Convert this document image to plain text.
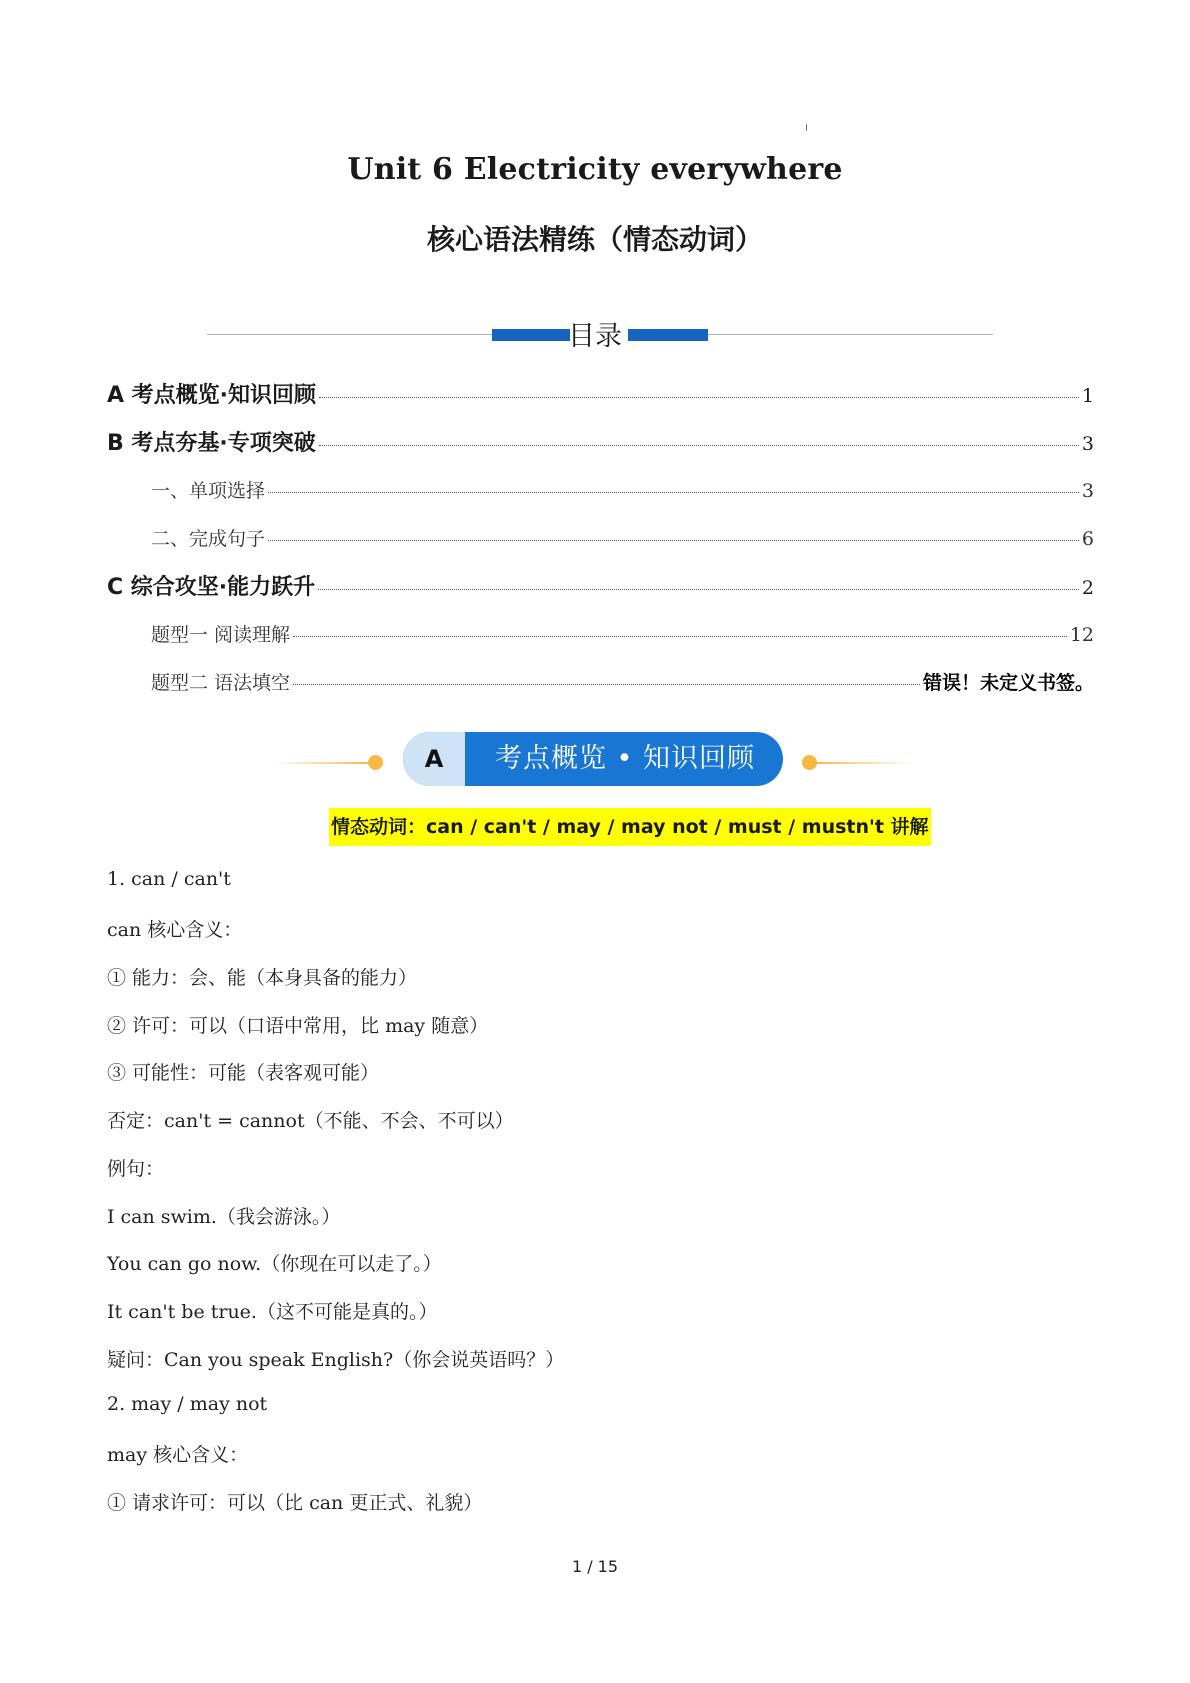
Unit 6 Electricity everywhere
核心语法精练（情态动词）
目录
A 考点概览·知识回顾	1
B 考点夯基·专项突破	3
一、单项选择	3
二、完成句子	6
C 综合攻坚·能力跃升	2
题型一 阅读理解	12
题型二 语法填空	错误！未定义书签。
A	考点概览 • 知识回顾
情态动词：can / can't / may / may not / must / mustn't 讲解
1. can / can't
can 核心含义：
① 能力：会、能（本身具备的能力）
② 许可：可以（口语中常用，比 may 随意）
③ 可能性：可能（表客观可能）
否定：can't = cannot（不能、不会、不可以）
例句：
I can swim.（我会游泳。）
You can go now.（你现在可以走了。）
It can't be true.（这不可能是真的。）
疑问：Can you speak English?（你会说英语吗？）
2. may / may not
may 核心含义：
① 请求许可：可以（比 can 更正式、礼貌）
1 / 15
